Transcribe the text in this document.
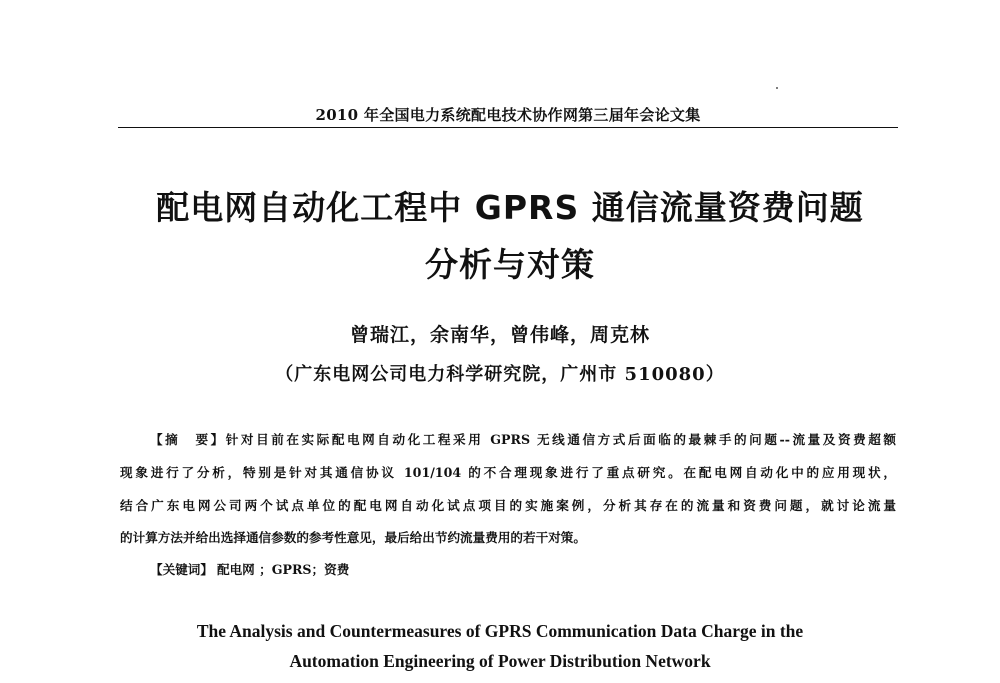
2010 年全国电力系统配电技术协作网第三届年会论文集
配电网自动化工程中 GPRS 通信流量资费问题
分析与对策
曾瑞江，余南华，曾伟峰，周克林
（广东电网公司电力科学研究院，广州市 510080）
【摘　要】针对目前在实际配电网自动化工程采用 GPRS 无线通信方式后面临的最棘手的问题--流量及资费超额
现象进行了分析，特别是针对其通信协议 101/104 的不合理现象进行了重点研究。在配电网自动化中的应用现状，
结合广东电网公司两个试点单位的配电网自动化试点项目的实施案例，分析其存在的流量和资费问题，就讨论流量
的计算方法并给出选择通信参数的参考性意见，最后给出节约流量费用的若干对策。
【关键词】 配电网 ；GPRS；资费
The Analysis and Countermeasures of GPRS Communication Data Charge in the
Automation Engineering of Power Distribution Network
